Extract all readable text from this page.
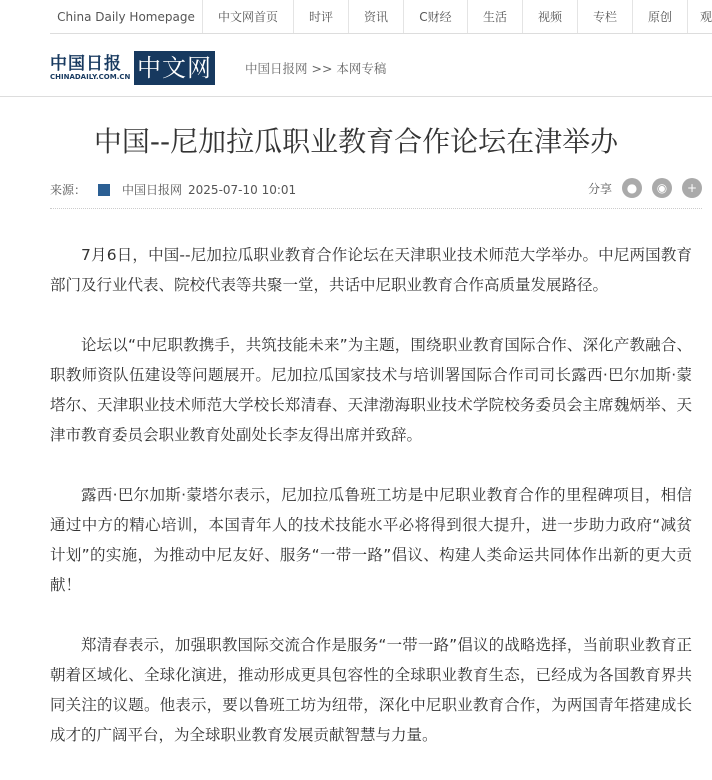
China Daily Homepage	中文网首页	时评	资讯	C财经	生活	视频	专栏	原创	观
中国日报
CHINADAILY.COM.CN 中文网	中国日报网 >> 本网专稿
中国--尼加拉瓜职业教育合作论坛在津举办
来源：	中国日报网 2025-07-10 10:01	分享	●	◉	+

7月6日，中国--尼加拉瓜职业教育合作论坛在天津职业技术师范大学举办。中尼两国教育部门及行业代表、院校代表等共聚一堂，共话中尼职业教育合作高质量发展路径。

论坛以“中尼职教携手，共筑技能未来”为主题，围绕职业教育国际合作、深化产教融合、职教师资队伍建设等问题展开。尼加拉瓜国家技术与培训署国际合作司司长露西·巴尔加斯·蒙塔尔、天津职业技术师范大学校长郑清春、天津渤海职业技术学院校务委员会主席魏炳举、天津市教育委员会职业教育处副处长李友得出席并致辞。

露西·巴尔加斯·蒙塔尔表示，尼加拉瓜鲁班工坊是中尼职业教育合作的里程碑项目，相信通过中方的精心培训，本国青年人的技术技能水平必将得到很大提升，进一步助力政府“减贫计划”的实施，为推动中尼友好、服务“一带一路”倡议、构建人类命运共同体作出新的更大贡献！

郑清春表示，加强职教国际交流合作是服务“一带一路”倡议的战略选择，当前职业教育正朝着区域化、全球化演进，推动形成更具包容性的全球职业教育生态，已经成为各国教育界共同关注的议题。他表示，要以鲁班工坊为纽带，深化中尼职业教育合作，为两国青年搭建成长成才的广阔平台，为全球职业教育发展贡献智慧与力量。
